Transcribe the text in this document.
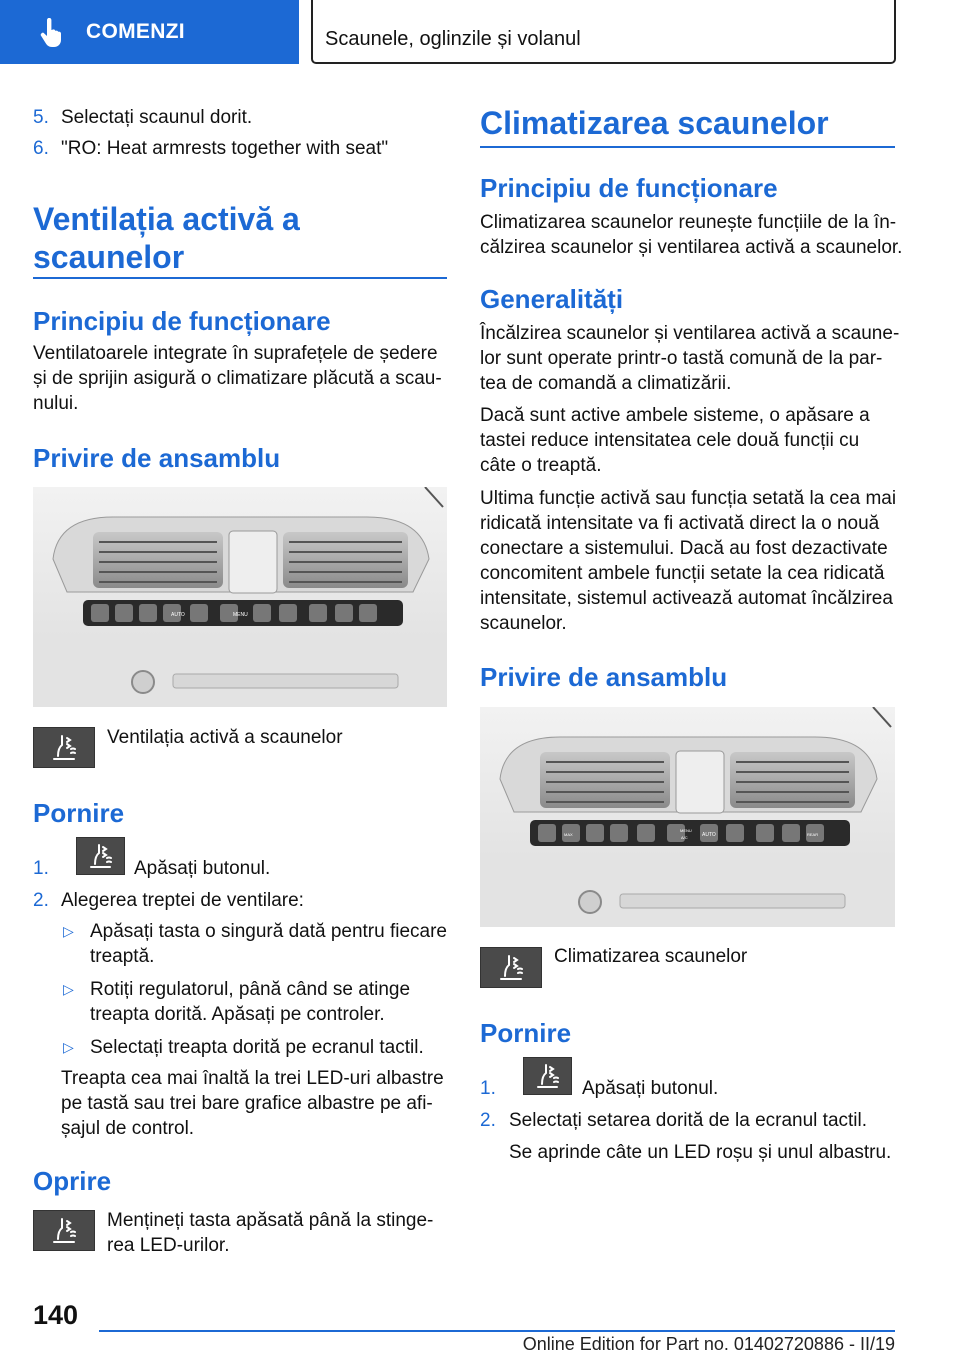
COMENZI	Scaunele, oglinzile și volanul
5. Selectați scaunul dorit.
6. "RO: Heat armrests together with seat"
Ventilația activă a
scaunelor
Principiu de funcționare
Ventilatoarele integrate în suprafețele de ședere
și de sprijin asigură o climatizare plăcută a scau‐
nului.
Privire de ansamblu
AUTO	MENU
Ventilația activă a scaunelor
Pornire
1.	Apăsați butonul.
2. Alegerea treptei de ventilare:
▷ Apăsați tasta o singură dată pentru fiecare
treaptă.
▷ Rotiți regulatorul, până când se atinge
treapta dorită. Apăsați pe controler.
▷ Selectați treapta dorită pe ecranul tactil.
Treapta cea mai înaltă la trei LED-uri albastre
pe tastă sau trei bare grafice albastre pe afi‐
șajul de control.
Oprire
Mențineți tasta apăsată până la stinge‐
rea LED-urilor.
Climatizarea scaunelor
Principiu de funcționare
Climatizarea scaunelor reunește funcțiile de la în‐
călzirea scaunelor și ventilarea activă a scaunelor.
Generalități
Încălzirea scaunelor și ventilarea activă a scaune‐
lor sunt operate printr-o tastă comună de la par‐
tea de comandă a climatizării.
Dacă sunt active ambele sisteme, o apăsare a
tastei reduce intensitatea cele două funcții cu
câte o treaptă.
Ultima funcție activă sau funcția setată la cea mai
ridicată intensitate va fi activată direct la o nouă
conectare a sistemului. Dacă au fost dezactivate
concomitent ambele funcții setate la cea ridicată
intensitate, sistemul activează automat încălzirea
scaunelor.
Privire de ansamblu
AUTO
MENU
A/C
MAX	REAR
Climatizarea scaunelor
Pornire
1.	Apăsați butonul.
2. Selectați setarea dorită de la ecranul tactil.
Se aprinde câte un LED roșu și unul albastru.
140
Online Edition for Part no. 01402720886 - II/19
